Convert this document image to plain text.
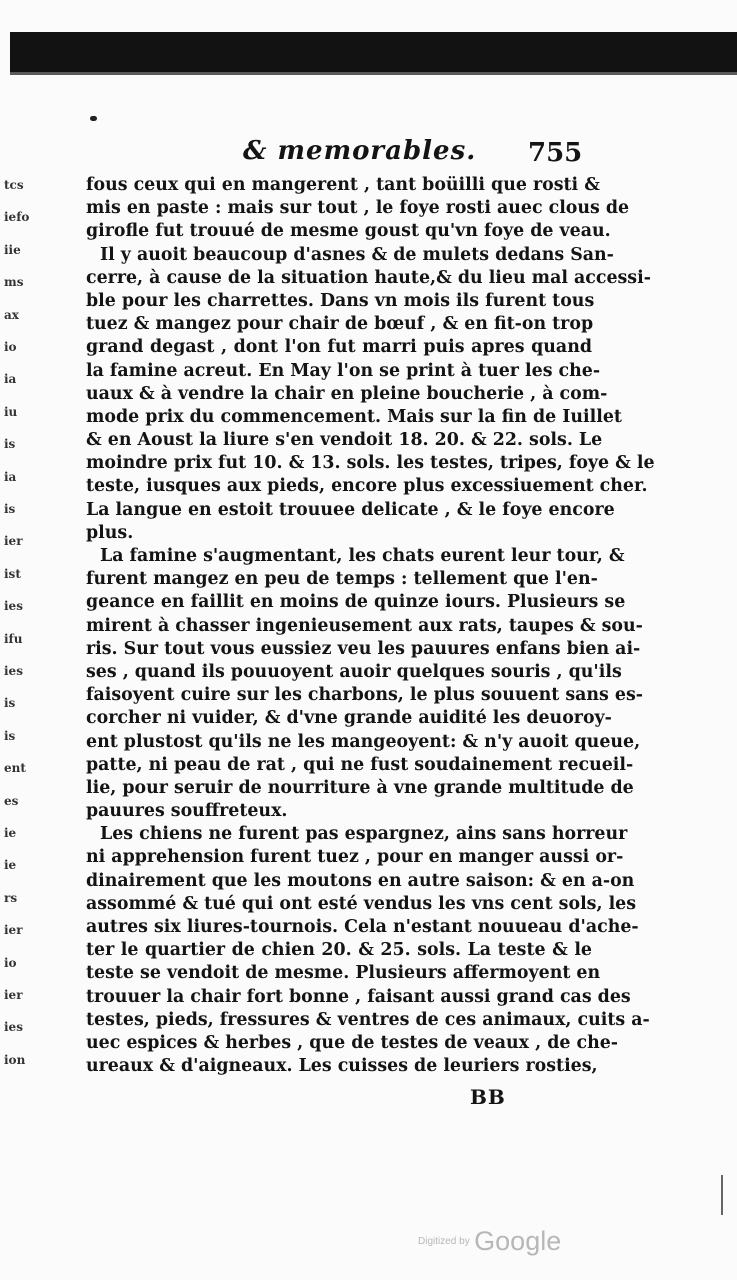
& memorables. 755
tcs
iefo
iie
ms
ax
io
ia
iu
is
ia
is
ier
ist
ies
ifu
ies
is
is
ent
es
ie
ie
rs
ier
io
ier
ies
ion
fous ceux qui en mangerent , tant boüilli que rosti &
mis en paste : mais sur tout , le foye rosti auec clous de
girofle fut trouué de mesme goust qu'vn foye de veau.
Il y auoit beaucoup d'asnes & de mulets dedans San-
cerre, à cause de la situation haute,& du lieu mal accessi-
ble pour les charrettes. Dans vn mois ils furent tous
tuez & mangez pour chair de bœuf , & en fit-on trop
grand degast , dont l'on fut marri puis apres quand
la famine acreut. En May l'on se print à tuer les che-
uaux & à vendre la chair en pleine boucherie , à com-
mode prix du commencement. Mais sur la fin de Iuillet
& en Aoust la liure s'en vendoit 18. 20. & 22. sols. Le
moindre prix fut 10. & 13. sols. les testes, tripes, foye & le
teste, iusques aux pieds, encore plus excessiuement cher.
La langue en estoit trouuee delicate , & le foye encore
plus.
La famine s'augmentant, les chats eurent leur tour, &
furent mangez en peu de temps : tellement que l'en-
geance en faillit en moins de quinze iours. Plusieurs se
mirent à chasser ingenieusement aux rats, taupes & sou-
ris. Sur tout vous eussiez veu les pauures enfans bien ai-
ses , quand ils pouuoyent auoir quelques souris , qu'ils
faisoyent cuire sur les charbons, le plus souuent sans es-
corcher ni vuider, & d'vne grande auidité les deuoroy-
ent plustost qu'ils ne les mangeoyent: & n'y auoit queue,
patte, ni peau de rat , qui ne fust soudainement recueil-
lie, pour seruir de nourriture à vne grande multitude de
pauures souffreteux.
Les chiens ne furent pas espargnez, ains sans horreur
ni apprehension furent tuez , pour en manger aussi or-
dinairement que les moutons en autre saison: & en a-on
assommé & tué qui ont esté vendus les vns cent sols, les
autres six liures-tournois. Cela n'estant nouueau d'ache-
ter le quartier de chien 20. & 25. sols. La teste & le
teste se vendoit de mesme. Plusieurs affermoyent en
trouuer la chair fort bonne , faisant aussi grand cas des
testes, pieds, fressures & ventres de ces animaux, cuits a-
uec espices & herbes , que de testes de veaux , de che-
ureaux & d'aigneaux. Les cuisses de leuriers rosties,
BB
Digitized by Google
